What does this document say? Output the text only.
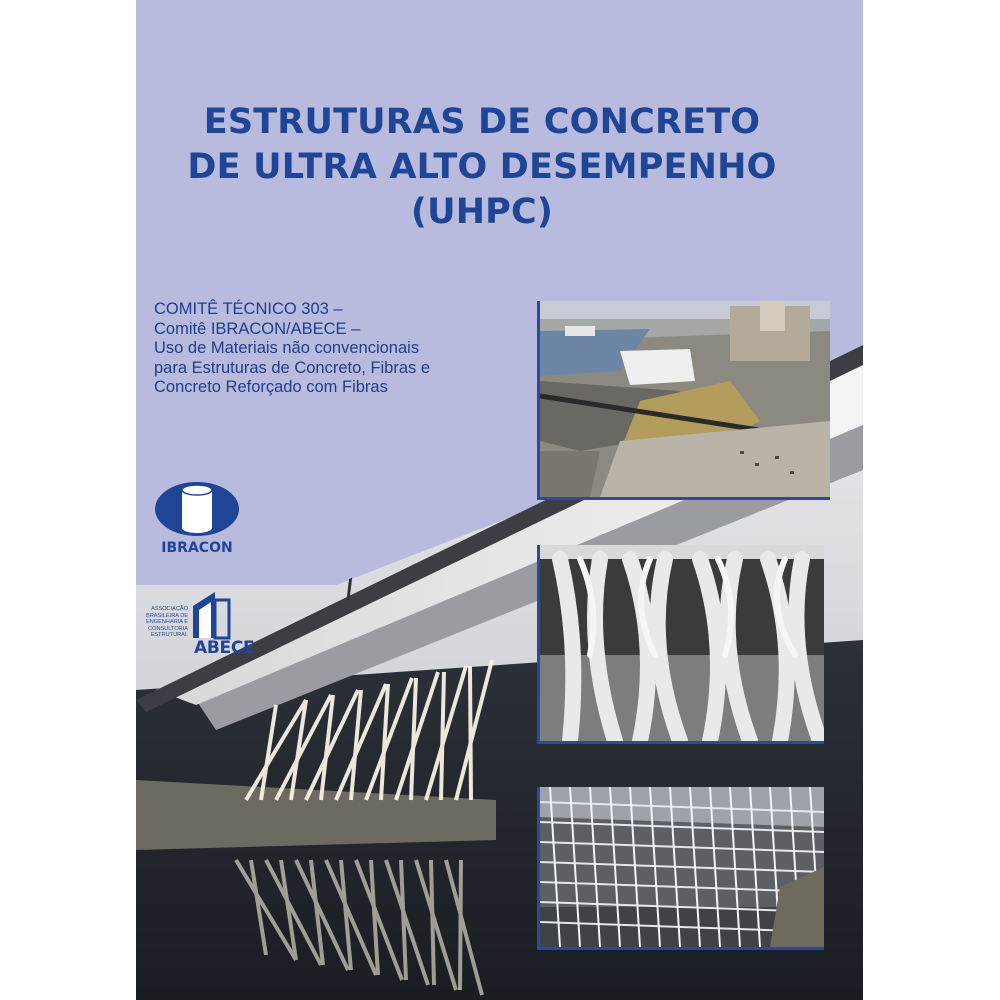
ESTRUTURAS DE CONCRETO
DE ULTRA ALTO DESEMPENHO
(UHPC)
COMITÊ TÉCNICO 303 –
Comitê IBRACON/ABECE –
Uso de Materiais não convencionais
para Estruturas de Concreto, Fibras e
Concreto Reforçado com Fibras
IBRACON
ASSOCIAÇÃO
BRASILEIRA DE
ENGENHARIA E
CONSULTORIA
ESTRUTURAL
ABECE
